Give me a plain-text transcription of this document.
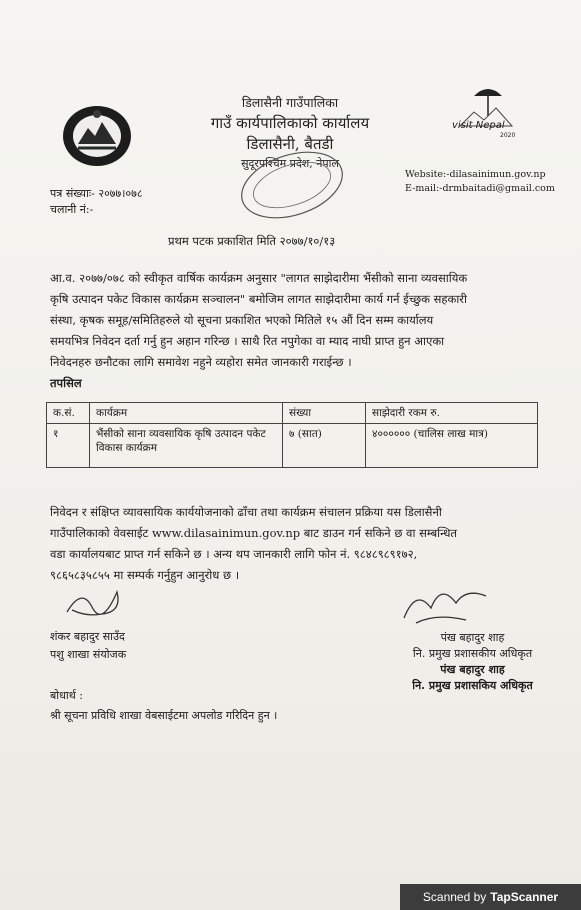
डिलासैनी गाउँपालिका
गाउँ कार्यपालिकाको कार्यालय
डिलासैनी, बैतडी
सुदूरपश्चिम प्रदेश, नेपाल
visit Nepal
2020
Website:-dilasainimun.gov.np
E-mail:-drmbaitadi@gmail.com
पत्र संख्याः- २०७७।०७८
चलानी नं:-
प्रथम पटक प्रकाशित मिति २०७७/१०/१३
आ.व. २०७७/०७८ को स्वीकृत वार्षिक कार्यक्रम अनुसार "लागत साझेदारीमा भैंसीको साना व्यवसायिक
कृषि उत्पादन पकेट विकास कार्यक्रम सञ्चालन" बमोजिम लागत साझेदारीमा कार्य गर्न ईच्छुक सहकारी
संस्था, कृषक समूह/समितिहरुले यो सूचना प्रकाशित भएको मितिले १५ औं दिन सम्म कार्यालय
समयभित्र निवेदन दर्ता गर्नु हुन अहान गरिन्छ । साथै रित नपुगेका वा म्याद नाघी प्राप्त हुन आएका
निवेदनहरु छनौटका लागि समावेश नहुने व्यहोरा समेत जानकारी गराईन्छ ।
तपसिल
क.सं.	कार्यक्रम	संख्या	साझेदारी रकम रु.
१	भैंसीको साना व्यवसायिक कृषि उत्पादन पकेट विकास कार्यक्रम	७ (सात)	४०००००० (चालिस लाख मात्र)
निवेदन र संक्षिप्त व्यावसायिक कार्ययोजनाको ढाँचा तथा कार्यक्रम संचालन प्रक्रिया यस डिलासैनी
गाउँपालिकाको वेवसाईट www.dilasainimun.gov.np बाट डाउन गर्न सकिने छ वा सम्बन्धित
वडा कार्यालयबाट प्राप्त गर्न सकिने छ । अन्य थप जानकारी लागि फोन नं. ९८४८९८९१७२,
९८६५८३५८५५ मा सम्पर्क गर्नुहुन आनुरोध छ ।
शंकर बहादुर साउँद
पशु शाखा संयोजक
पंख बहादुर शाह
नि. प्रमुख प्रशासकीय अधिकृत
पंख बहादुर शाह
नि. प्रमुख प्रशासकिय अधिकृत
बोधार्थ :
श्री सूचना प्रविधि शाखा वेबसाईटमा अपलोड गरिदिन हुन ।
Scanned by TapScanner
